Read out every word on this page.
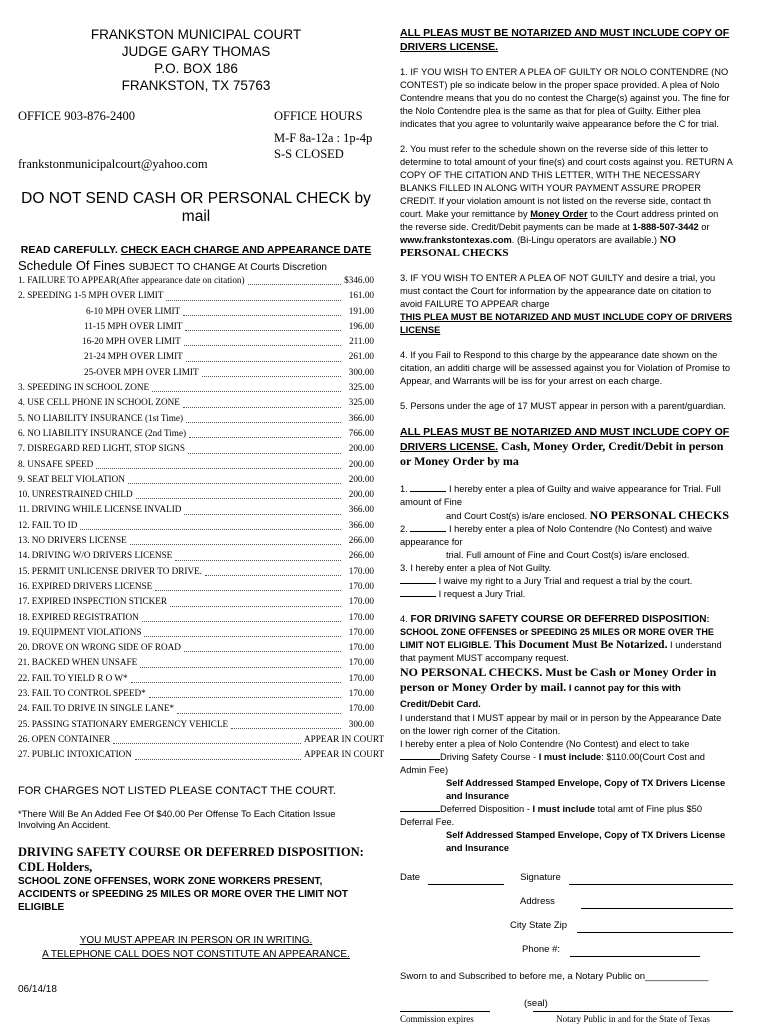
FRANKSTON MUNICIPAL COURT
JUDGE GARY THOMAS
P.O. BOX 186
FRANKSTON, TX 75763
OFFICE 903-876-2400
frankstonmunicipalcourt@yahoo.com
OFFICE HOURS
M-F 8a-12a : 1p-4p
S-S CLOSED
DO NOT SEND CASH OR PERSONAL CHECK by mail
READ CAREFULLY. CHECK EACH CHARGE AND APPEARANCE DATE
Schedule Of Fines SUBJECT TO CHANGE At Courts Discretion
1. FAILURE TO APPEAR(After appearance date on citation)	$346.00
2. SPEEDING 1-5 MPH OVER LIMIT	161.00
6-10 MPH OVER LIMIT	191.00
11-15 MPH OVER LIMIT	196.00
16-20 MPH OVER LIMIT	211.00
21-24 MPH OVER LIMIT	261.00
25-OVER MPH OVER LIMIT	300.00
3. SPEEDING IN SCHOOL ZONE	325.00
4. USE CELL PHONE IN SCHOOL ZONE	325.00
5. NO LIABILITY INSURANCE (1st Time)	366.00
6. NO LIABILITY INSURANCE (2nd Time)	766.00
7. DISREGARD RED LIGHT, STOP SIGNS	200.00
8. UNSAFE SPEED	200.00
9. SEAT BELT VIOLATION	200.00
10. UNRESTRAINED CHILD	200.00
11. DRIVING WHILE LICENSE INVALID	366.00
12. FAIL TO ID	366.00
13. NO DRIVERS LICENSE	266.00
14. DRIVING W/O DRIVERS LICENSE	266.00
15. PERMIT UNLICENSE DRIVER TO DRIVE.	170.00
16. EXPIRED DRIVERS LICENSE	170.00
17. EXPIRED INSPECTION STICKER	170.00
18. EXPIRED REGISTRATION	170.00
19. EQUIPMENT VIOLATIONS	170.00
20. DROVE ON WRONG SIDE OF ROAD	170.00
21. BACKED WHEN UNSAFE	170.00
22. FAIL TO YIELD R O W*	170.00
23. FAIL TO CONTROL SPEED*	170.00
24. FAIL TO DRIVE IN SINGLE LANE*	170.00
25. PASSING STATIONARY EMERGENCY VEHICLE	300.00
26. OPEN CONTAINER	APPEAR IN COURT
27. PUBLIC INTOXICATION	APPEAR IN COURT
FOR CHARGES NOT LISTED PLEASE CONTACT THE COURT.
*There Will Be An Added Fee Of $40.00 Per Offense To Each Citation Issue Involving An Accident.
DRIVING SAFETY COURSE OR DEFERRED DISPOSITION: CDL Holders,
SCHOOL ZONE OFFENSES, WORK ZONE WORKERS PRESENT, ACCIDENTS or SPEEDING 25 MILES OR MORE OVER THE LIMIT NOT ELIGIBLE
YOU MUST APPEAR IN PERSON OR IN WRITING.
A TELEPHONE CALL DOES NOT CONSTITUTE AN APPEARANCE.
06/14/18
ALL PLEAS MUST BE NOTARIZED AND MUST INCLUDE COPY OF DRIVERS LICENSE.
1. IF YOU WISH TO ENTER A PLEA OF GUILTY OR NOLO CONTENDRE (NO CONTEST) ple so indicate below in the proper space provided. A plea of Nolo Contendre means that you do no contest the Charge(s) against you. The fine for the Nolo Contendre plea is the same as that for plea of Guilty. Either plea indicates that you agree to voluntarily waive appearance before the C for trial.
2. You must refer to the schedule shown on the reverse side of this letter to determine to total amount of your fine(s) and court costs against you. RETURN A COPY OF THE CITATION AND THIS LETTER, WITH THE NECESSARY BLANKS FILLED IN ALONG WITH YOUR PAYMENT ASSURE PROPER CREDIT. If your violation amount is not listed on the reverse side, contact th court. Make your remittance by Money Order to the Court address printed on the reverse side. Credit/Debit payments can be made at 1-888-507-3442 or www.frankstontexas.com. (Bi-Lingu operators are available.) NO PERSONAL CHECKS
3. IF YOU WISH TO ENTER A PLEA OF NOT GUILTY and desire a trial, you must contact the Court for information by the appearance date on citation to avoid FAILURE TO APPEAR charge
THIS PLEA MUST BE NOTARIZED AND MUST INCLUDE COPY OF DRIVERS LICENSE
4. If you Fail to Respond to this charge by the appearance date shown on the citation, an additi charge will be assessed against you for Violation of Promise to Appear, and Warrants will be iss for your arrest on each charge.
5. Persons under the age of 17 MUST appear in person with a parent/guardian.
ALL PLEAS MUST BE NOTARIZED AND MUST INCLUDE COPY OF DRIVERS LICENSE. Cash, Money Order, Credit/Debit in person or Money Order by ma
1.	I hereby enter a plea of Guilty and waive appearance for Trial. Full amount of Fine
and Court Cost(s) is/are enclosed. NO PERSONAL CHECKS
2.	I hereby enter a plea of Nolo Contendre (No Contest) and waive appearance for
trial. Full amount of Fine and Court Cost(s) is/are enclosed.
3. I hereby enter a plea of Not Guilty.
I waive my right to a Jury Trial and request a trial by the court.
I request a Jury Trial.
4. FOR DRIVING SAFETY COURSE OR DEFERRED DISPOSITION: SCHOOL ZONE OFFENSES or SPEEDING 25 MILES OR MORE OVER THE LIMIT NOT ELIGIBLE. This Document Must Be Notarized. I understand that payment MUST accompany request.
NO PERSONAL CHECKS. Must be Cash or Money Order in person or Money Order by mail. I cannot pay for this with Credit/Debit Card.
I understand that I MUST appear by mail or in person by the Appearance Date on the lower righ corner of the Citation.
I hereby enter a plea of Nolo Contendre (No Contest) and elect to take
Driving Safety Course - I must include: $110.00(Court Cost and Admin Fee)
Self Addressed Stamped Envelope, Copy of TX Drivers License and Insurance
Deferred Disposition - I must include total amt of Fine plus $50 Deferral Fee.
Self Addressed Stamped Envelope, Copy of TX Drivers License and Insurance
Date	Signature
Address
City State Zip
Phone #:
Sworn to and Subscribed to before me, a Notary Public on____________
(seal)
Commission expires	Notary Public in and for the State of Texas
